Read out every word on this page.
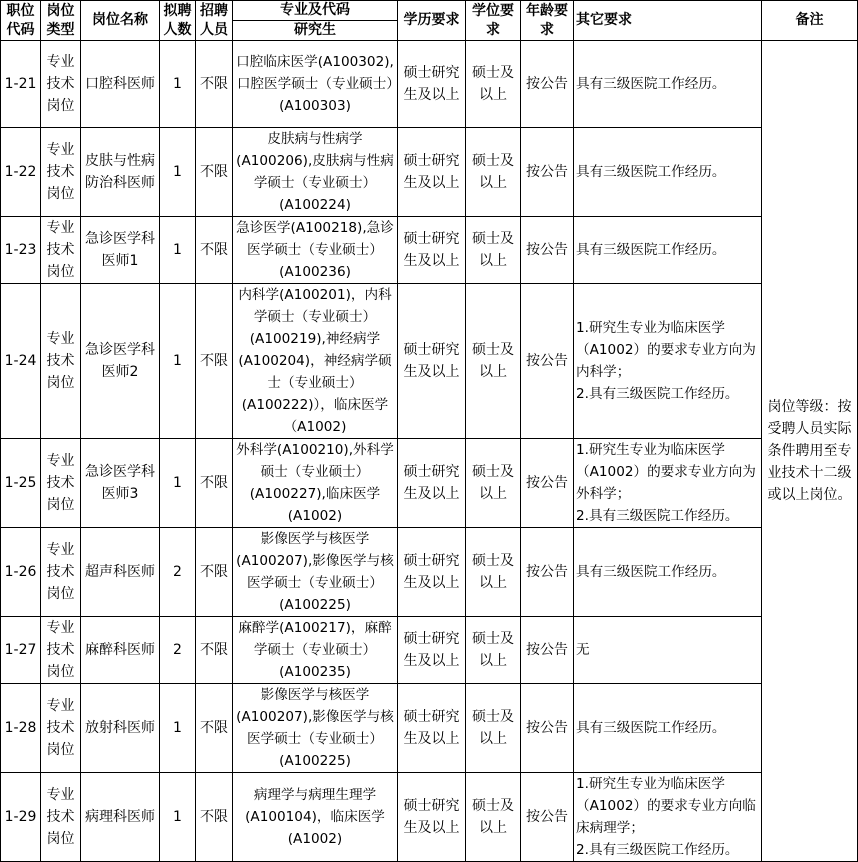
职位代码	岗位类型	岗位名称	拟聘人数	招聘人员	专业及代码	学历要求	学位要求	年龄要求	其它要求	备注
					研究生					
1-21	专业技术岗位	口腔科医师	1	不限	口腔临床医学(A100302),口腔医学硕士（专业硕士）(A100303)	硕士研究生及以上	硕士及以上	按公告	具有三级医院工作经历。	岗位等级：按受聘人员实际条件聘用至专业技术十二级或以上岗位。
1-22	专业技术岗位	皮肤与性病防治科医师	1	不限	皮肤病与性病学(A100206),皮肤病与性病学硕士（专业硕士）(A100224)	硕士研究生及以上	硕士及以上	按公告	具有三级医院工作经历。	
1-23	专业技术岗位	急诊医学科医师1	1	不限	急诊医学(A100218),急诊医学硕士（专业硕士）(A100236)	硕士研究生及以上	硕士及以上	按公告	具有三级医院工作经历。	
1-24	专业技术岗位	急诊医学科医师2	1	不限	内科学(A100201)，内科学硕士（专业硕士）(A100219),神经病学(A100204)，神经病学硕士（专业硕士）(A100222)），临床医学（A1002)	硕士研究生及以上	硕士及以上	按公告	1.研究生专业为临床医学（A1002）的要求专业方向为内科学；
2.具有三级医院工作经历。	
1-25	专业技术岗位	急诊医学科医师3	1	不限	外科学(A100210),外科学硕士（专业硕士）(A100227),临床医学(A1002)	硕士研究生及以上	硕士及以上	按公告	1.研究生专业为临床医学（A1002）的要求专业方向为外科学；
2.具有三级医院工作经历。	
1-26	专业技术岗位	超声科医师	2	不限	影像医学与核医学(A100207),影像医学与核医学硕士（专业硕士）(A100225)	硕士研究生及以上	硕士及以上	按公告	具有三级医院工作经历。	
1-27	专业技术岗位	麻醉科医师	2	不限	麻醉学(A100217)，麻醉学硕士（专业硕士）(A100235)	硕士研究生及以上	硕士及以上	按公告	无	
1-28	专业技术岗位	放射科医师	1	不限	影像医学与核医学(A100207),影像医学与核医学硕士（专业硕士）(A100225)	硕士研究生及以上	硕士及以上	按公告	具有三级医院工作经历。	
1-29	专业技术岗位	病理科医师	1	不限	病理学与病理生理学(A100104)，临床医学(A1002)	硕士研究生及以上	硕士及以上	按公告	1.研究生专业为临床医学（A1002）的要求专业方向临床病理学；
2.具有三级医院工作经历。	
